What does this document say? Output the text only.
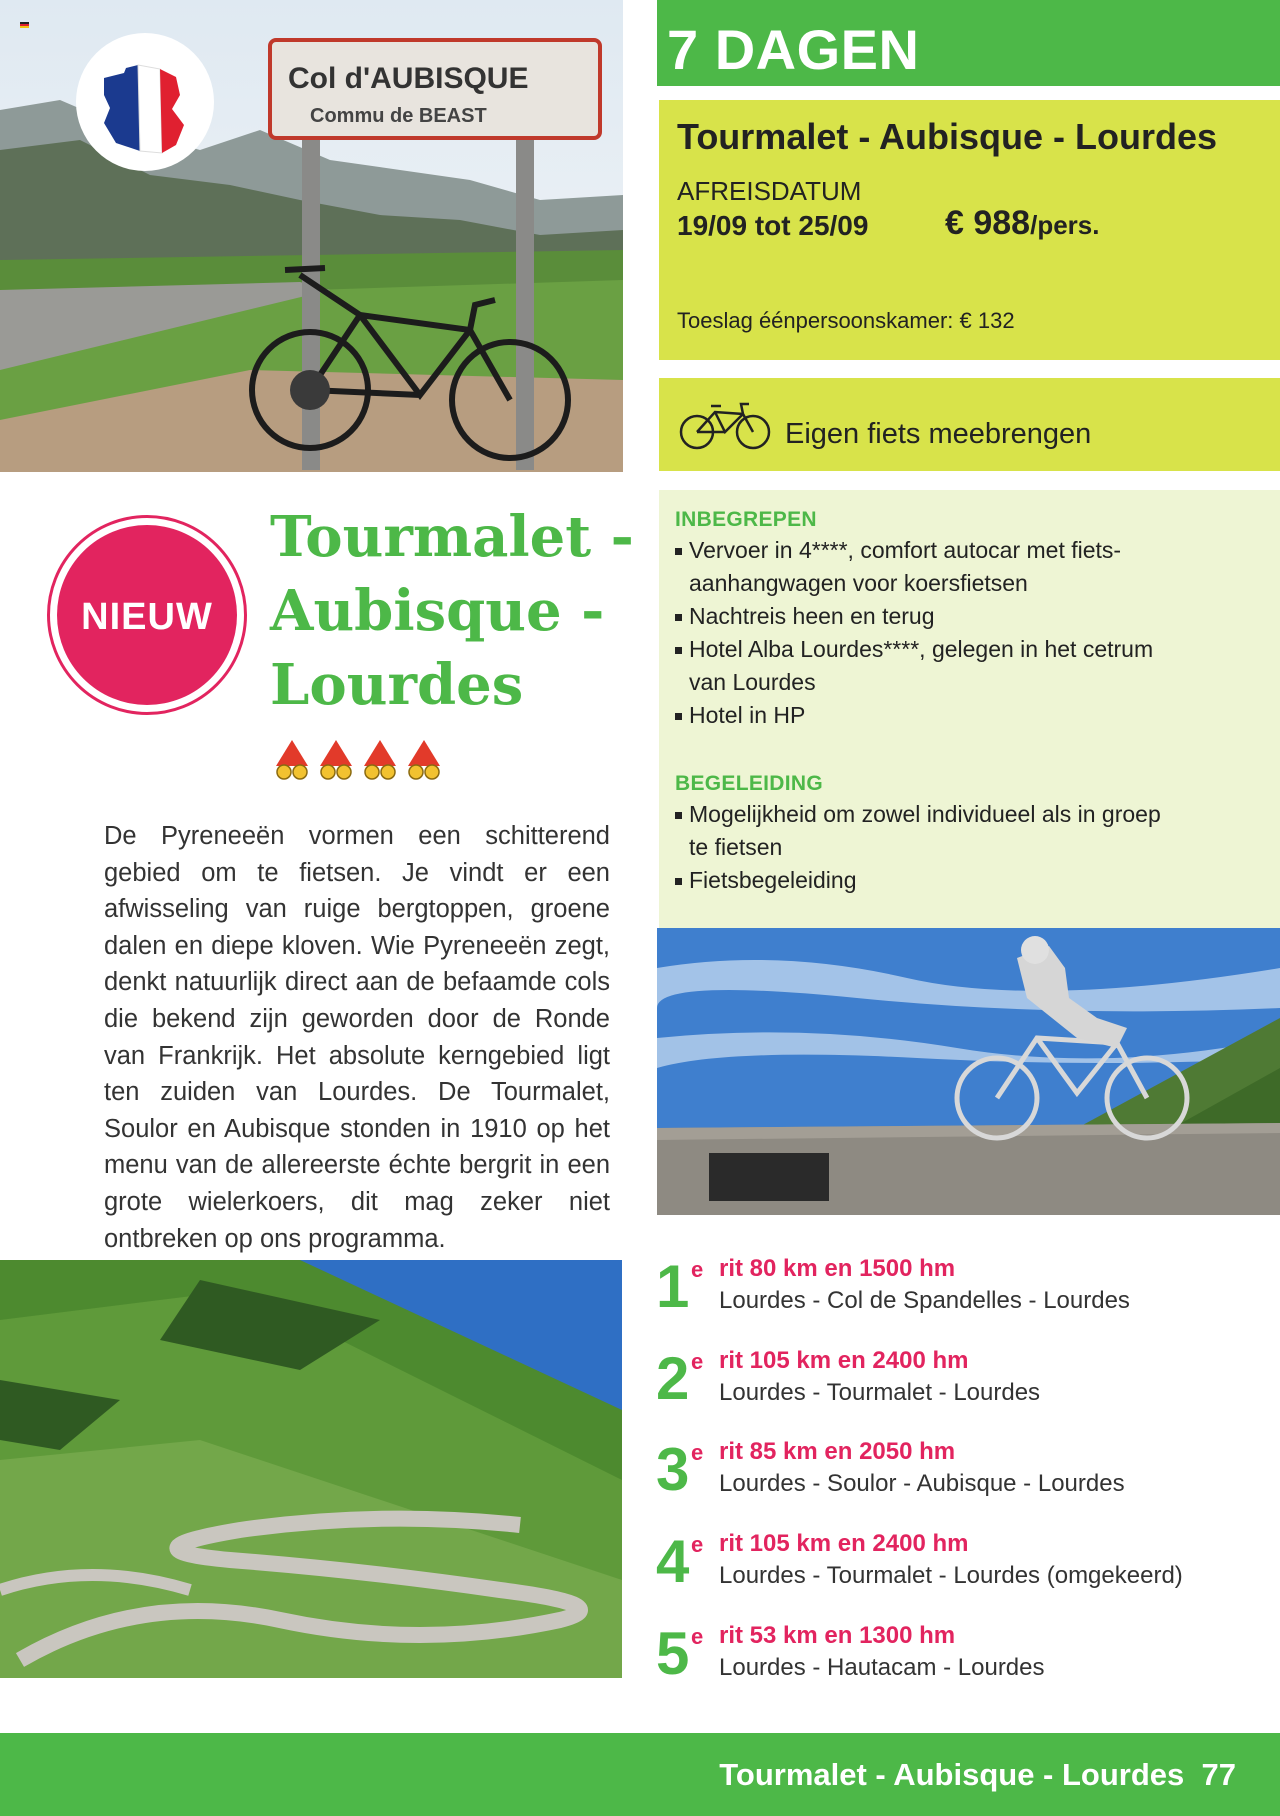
Col d'AUBISQUE
Commu de BEAST
7 DAGEN
Tourmalet - Aubisque - Lourdes
AFREISDATUM
19/09 tot 25/09 € 988/pers.
Toeslag éénpersoonskamer: € 132
Eigen fiets meebrengen
INBEGREPEN
Vervoer in 4****, comfort autocar met fiets-
aanhangwagen voor koersfietsen
Nachtreis heen en terug
Hotel Alba Lourdes****, gelegen in het cetrum
van Lourdes
Hotel in HP
BEGELEIDING
Mogelijkheid om zowel individueel als in groep
te fietsen
Fietsbegeleiding
NIEUW
Tourmalet -
Aubisque -
Lourdes
De Pyreneeën vormen een schitterend gebied om te fietsen. Je vindt er een afwisseling van ruige bergtoppen, groene dalen en diepe kloven. Wie Pyreneeën zegt, denkt natuurlijk direct aan de befaamde cols die bekend zijn geworden door de Ronde van Frankrijk. Het absolute kerngebied ligt ten zuiden van Lourdes. De Tourmalet, Soulor en Aubisque stonden in 1910 op het menu van de allereerste échte bergrit in een grote wielerkoers, dit mag zeker niet ontbreken op ons programma.
1 e rit 80 km en 1500 hm
Lourdes - Col de Spandelles - Lourdes
2 e rit 105 km en 2400 hm
Lourdes - Tourmalet - Lourdes
3 e rit 85 km en 2050 hm
Lourdes - Soulor - Aubisque - Lourdes
4 e rit 105 km en 2400 hm
Lourdes - Tourmalet - Lourdes (omgekeerd)
5 e rit 53 km en 1300 hm
Lourdes - Hautacam - Lourdes
Tourmalet - Aubisque - Lourdes 77
